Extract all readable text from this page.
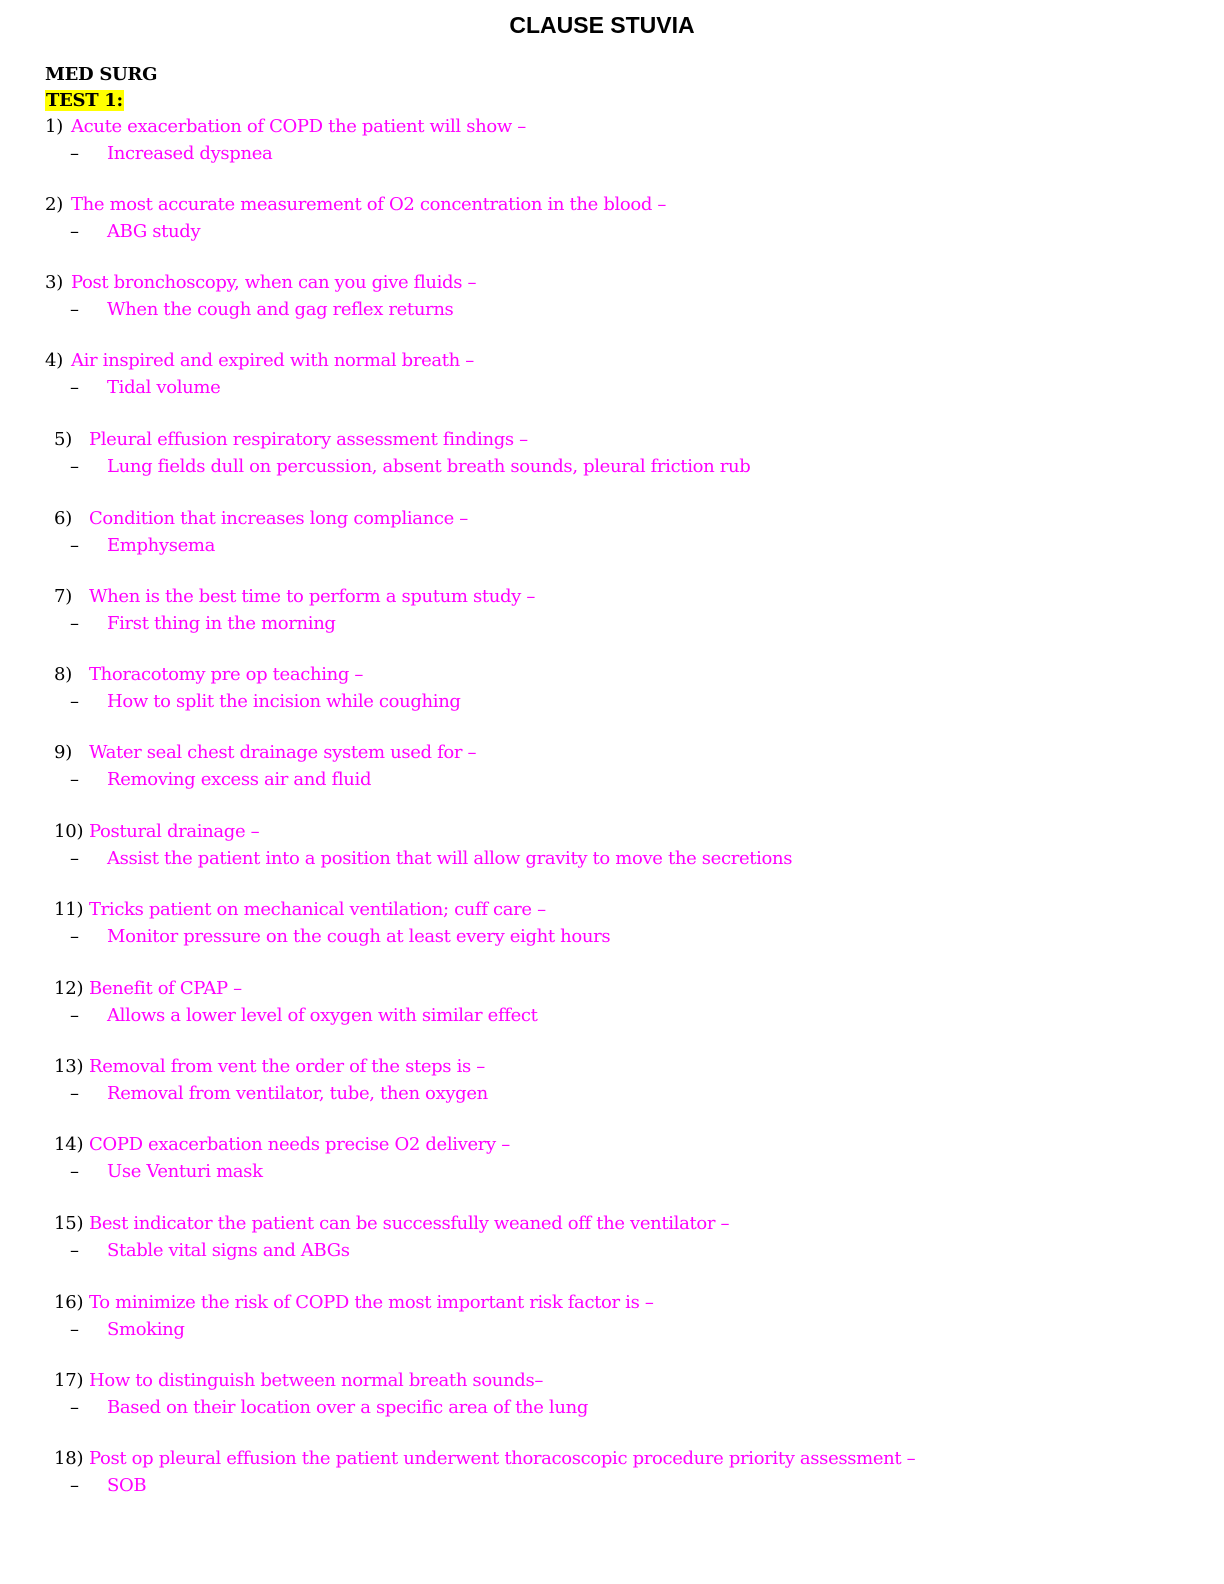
CLAUSE STUVIA
MED SURG
TEST 1:
1) Acute exacerbation of COPD the patient will show –
– Increased dyspnea
2) The most accurate measurement of O2 concentration in the blood –
– ABG study
3) Post bronchoscopy, when can you give fluids –
– When the cough and gag reflex returns
4) Air inspired and expired with normal breath –
– Tidal volume
5) Pleural effusion respiratory assessment findings –
– Lung fields dull on percussion, absent breath sounds, pleural friction rub
6) Condition that increases long compliance –
– Emphysema
7) When is the best time to perform a sputum study –
– First thing in the morning
8) Thoracotomy pre op teaching –
– How to split the incision while coughing
9) Water seal chest drainage system used for –
– Removing excess air and fluid
10) Postural drainage –
– Assist the patient into a position that will allow gravity to move the secretions
11) Tricks patient on mechanical ventilation; cuff care –
– Monitor pressure on the cough at least every eight hours
12) Benefit of CPAP –
– Allows a lower level of oxygen with similar effect
13) Removal from vent the order of the steps is –
– Removal from ventilator, tube, then oxygen
14) COPD exacerbation needs precise O2 delivery –
– Use Venturi mask
15) Best indicator the patient can be successfully weaned off the ventilator –
– Stable vital signs and ABGs
16) To minimize the risk of COPD the most important risk factor is –
– Smoking
17) How to distinguish between normal breath sounds–
– Based on their location over a specific area of the lung
18) Post op pleural effusion the patient underwent thoracoscopic procedure priority assessment –
– SOB
